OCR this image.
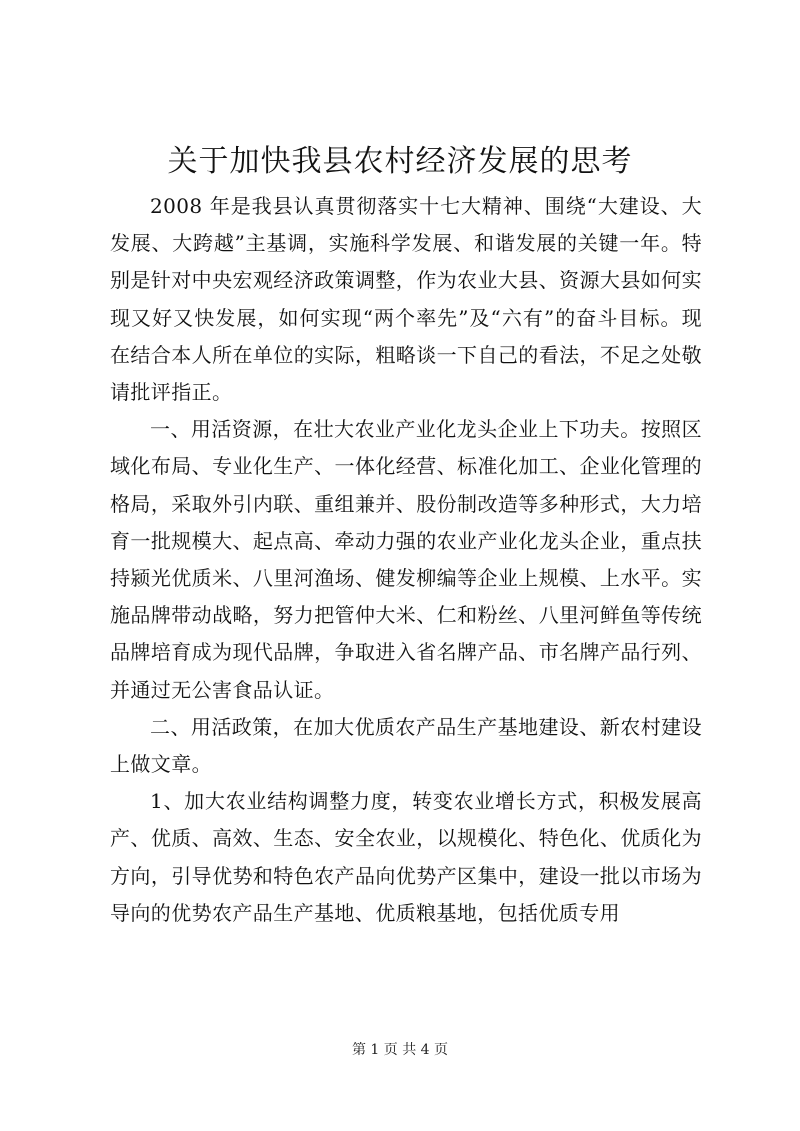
关于加快我县农村经济发展的思考

2008 年是我县认真贯彻落实十七大精神、围绕“大建设、大发展、大跨越”主基调，实施科学发展、和谐发展的关键一年。特别是针对中央宏观经济政策调整，作为农业大县、资源大县如何实现又好又快发展，如何实现“两个率先”及“六有”的奋斗目标。现在结合本人所在单位的实际，粗略谈一下自己的看法，不足之处敬请批评指正。

一、用活资源，在壮大农业产业化龙头企业上下功夫。按照区域化布局、专业化生产、一体化经营、标准化加工、企业化管理的格局，采取外引内联、重组兼并、股份制改造等多种形式，大力培育一批规模大、起点高、牵动力强的农业产业化龙头企业，重点扶持颍光优质米、八里河渔场、健发柳编等企业上规模、上水平。实施品牌带动战略，努力把管仲大米、仁和粉丝、八里河鲜鱼等传统品牌培育成为现代品牌，争取进入省名牌产品、市名牌产品行列、并通过无公害食品认证。

二、用活政策，在加大优质农产品生产基地建设、新农村建设上做文章。

1、加大农业结构调整力度，转变农业增长方式，积极发展高产、优质、高效、生态、安全农业，以规模化、特色化、优质化为方向，引导优势和特色农产品向优势产区集中，建设一批以市场为导向的优势农产品生产基地、优质粮基地，包括优质专用

第 1 页 共 4 页
